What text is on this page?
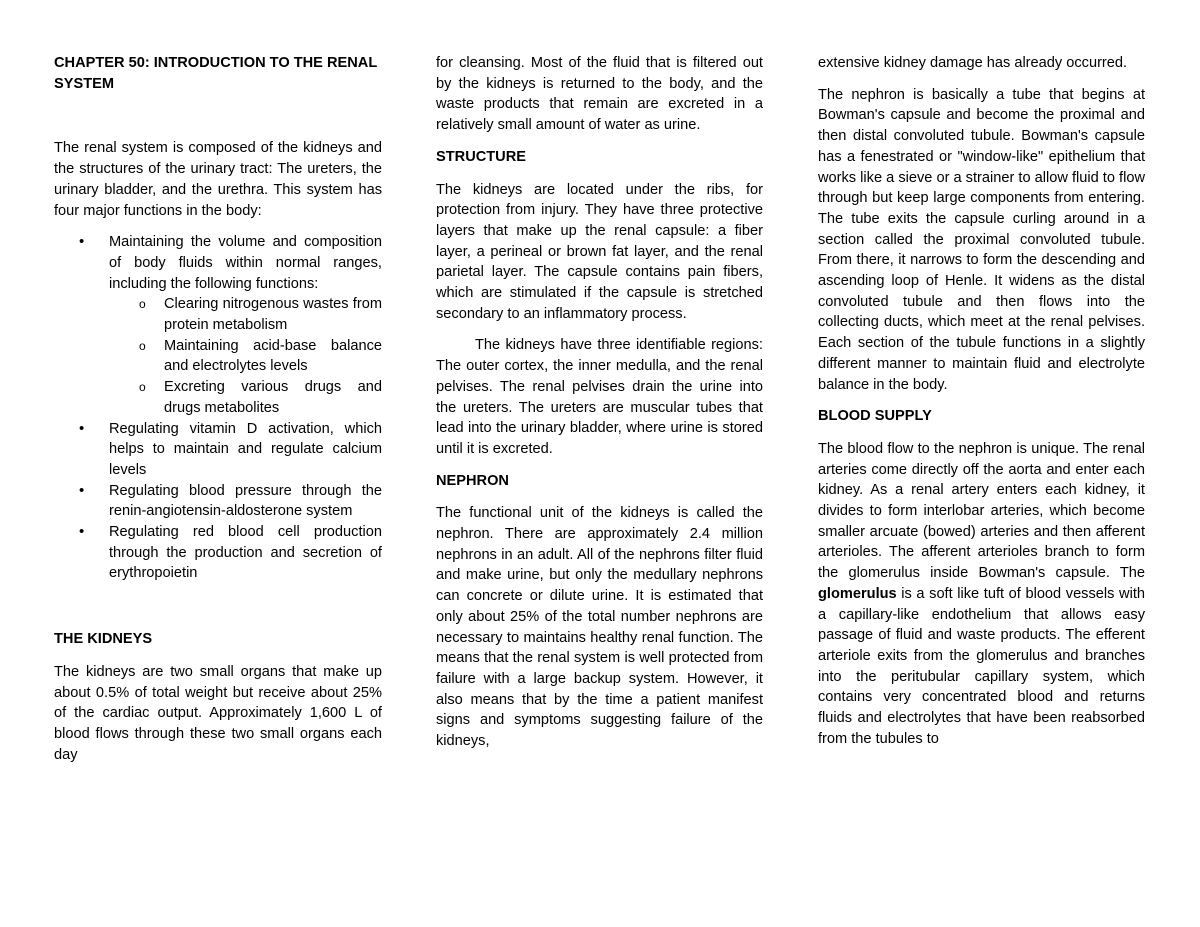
CHAPTER 50: INTRODUCTION TO THE RENAL SYSTEM

The renal system is composed of the kidneys and the structures of the urinary tract: The ureters, the urinary bladder, and the urethra. This system has four major functions in the body:

• Maintaining the volume and composition of body fluids within normal ranges, including the following functions:
o Clearing nitrogenous wastes from protein metabolism
o Maintaining acid-base balance and electrolytes levels
o Excreting various drugs and drugs metabolites
• Regulating vitamin D activation, which helps to maintain and regulate calcium levels
• Regulating blood pressure through the renin-angiotensin-aldosterone system
• Regulating red blood cell production through the production and secretion of erythropoietin
THE KIDNEYS

The kidneys are two small organs that make up about 0.5% of total weight but receive about 25% of the cardiac output. Approximately 1,600 L of blood flows through these two small organs each day

for cleansing. Most of the fluid that is filtered out by the kidneys is returned to the body, and the waste products that remain are excreted in a relatively small amount of water as urine.

STRUCTURE

The kidneys are located under the ribs, for protection from injury. They have three protective layers that make up the renal capsule: a fiber layer, a perineal or brown fat layer, and the renal parietal layer. The capsule contains pain fibers, which are stimulated if the capsule is stretched secondary to an inflammatory process.

The kidneys have three identifiable regions: The outer cortex, the inner medulla, and the renal pelvises. The renal pelvises drain the urine into the ureters. The ureters are muscular tubes that lead into the urinary bladder, where urine is stored until it is excreted.

NEPHRON

The functional unit of the kidneys is called the nephron. There are approximately 2.4 million nephrons in an adult. All of the nephrons filter fluid and make urine, but only the medullary nephrons can concrete or dilute urine. It is estimated that only about 25% of the total number nephrons are necessary to maintains healthy renal function. The means that the renal system is well protected from failure with a large backup system. However, it also means that by the time a patient manifest signs and symptoms suggesting failure of the kidneys,

extensive kidney damage has already occurred.

The nephron is basically a tube that begins at Bowman's capsule and become the proximal and then distal convoluted tubule. Bowman's capsule has a fenestrated or "window-like" epithelium that works like a sieve or a strainer to allow fluid to flow through but keep large components from entering. The tube exits the capsule curling around in a section called the proximal convoluted tubule. From there, it narrows to form the descending and ascending loop of Henle. It widens as the distal convoluted tubule and then flows into the collecting ducts, which meet at the renal pelvises. Each section of the tubule functions in a slightly different manner to maintain fluid and electrolyte balance in the body.

BLOOD SUPPLY

The blood flow to the nephron is unique. The renal arteries come directly off the aorta and enter each kidney. As a renal artery enters each kidney, it divides to form interlobar arteries, which become smaller arcuate (bowed) arteries and then afferent arterioles. The afferent arterioles branch to form the glomerulus inside Bowman's capsule. The glomerulus is a soft like tuft of blood vessels with a capillary-like endothelium that allows easy passage of fluid and waste products. The efferent arteriole exits from the glomerulus and branches into the peritubular capillary system, which contains very concentrated blood and returns fluids and electrolytes that have been reabsorbed from the tubules to
